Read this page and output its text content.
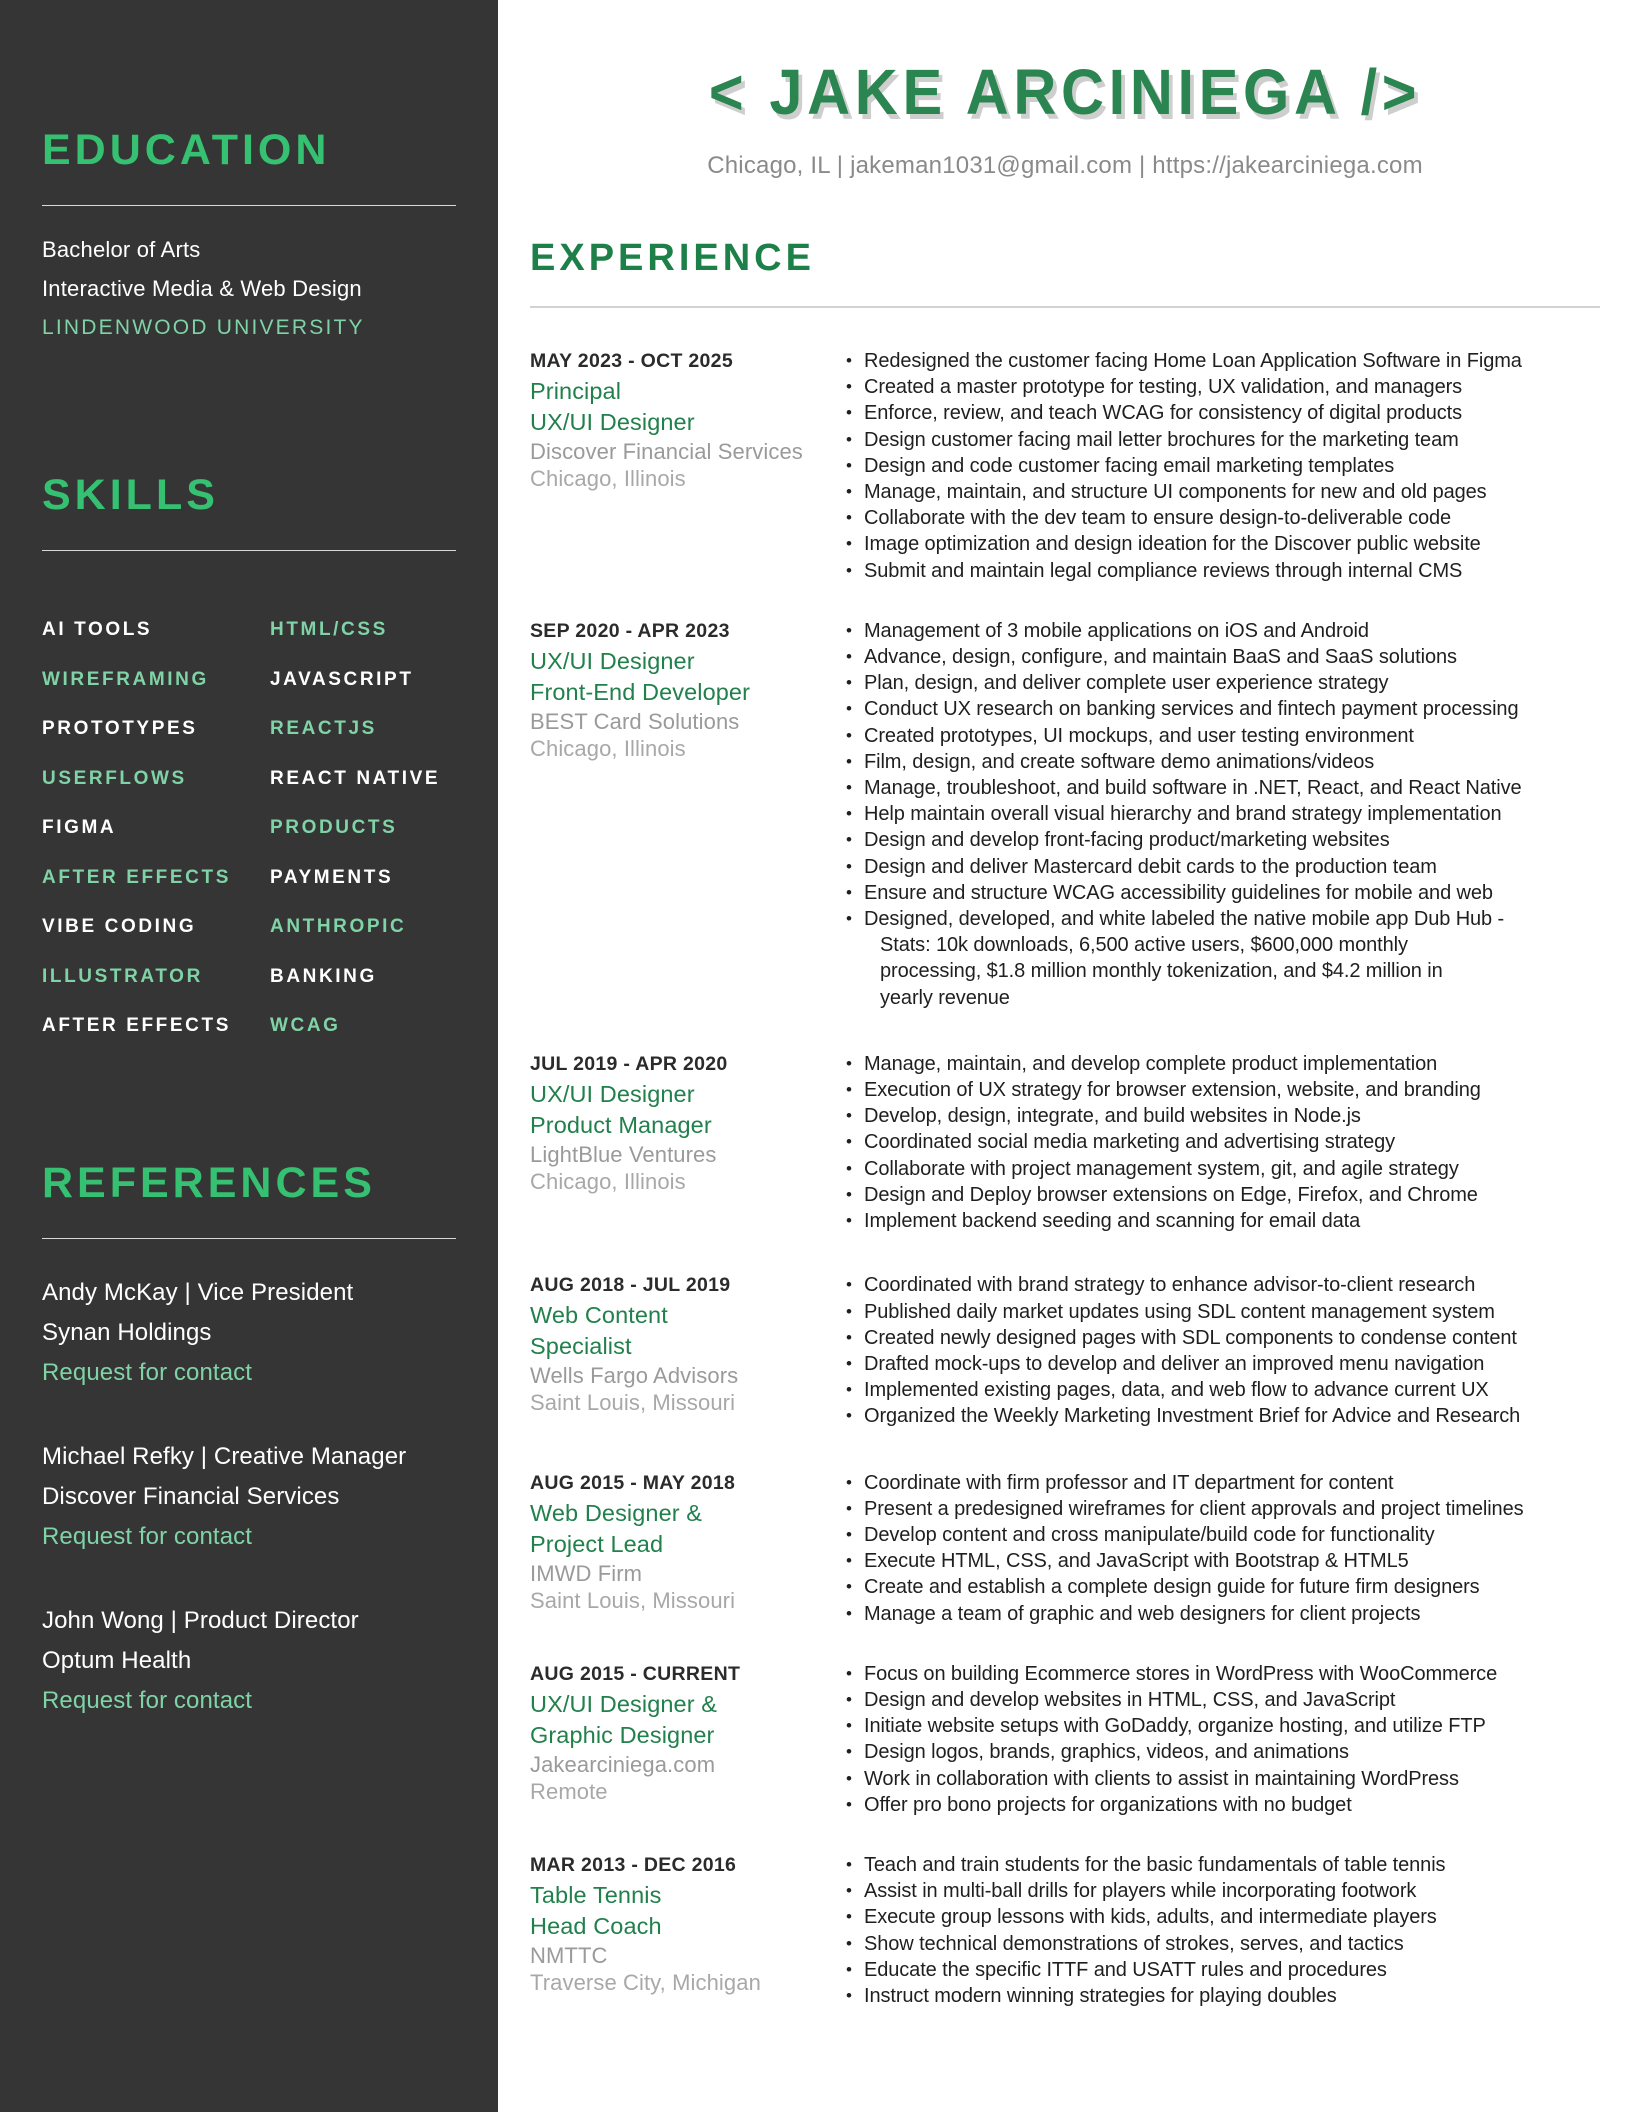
EDUCATION
Bachelor of Arts
Interactive Media & Web Design
LINDENWOOD UNIVERSITY
SKILLS
AI TOOLS	HTML/CSS
WIREFRAMING	JAVASCRIPT
PROTOTYPES	REACTJS
USERFLOWS	REACT NATIVE
FIGMA	PRODUCTS
AFTER EFFECTS	PAYMENTS
VIBE CODING	ANTHROPIC
ILLUSTRATOR	BANKING
AFTER EFFECTS	WCAG
REFERENCES
Andy McKay | Vice President
Synan Holdings
Request for contact
Michael Refky | Creative Manager
Discover Financial Services
Request for contact
John Wong | Product Director
Optum Health
Request for contact
< JAKE ARCINIEGA />
Chicago, IL | jakeman1031@gmail.com | https://jakearciniega.com
EXPERIENCE
MAY 2023 - OCT 2025
Principal
UX/UI Designer
Discover Financial Services
Chicago, Illinois
• Redesigned the customer facing Home Loan Application Software in Figma
• Created a master prototype for testing, UX validation, and managers
• Enforce, review, and teach WCAG for consistency of digital products
• Design customer facing mail letter brochures for the marketing team
• Design and code customer facing email marketing templates
• Manage, maintain, and structure UI components for new and old pages
• Collaborate with the dev team to ensure design-to-deliverable code
• Image optimization and design ideation for the Discover public website
• Submit and maintain legal compliance reviews through internal CMS
SEP 2020 - APR 2023
UX/UI Designer
Front-End Developer
BEST Card Solutions
Chicago, Illinois
• Management of 3 mobile applications on iOS and Android
• Advance, design, configure, and maintain BaaS and SaaS solutions
• Plan, design, and deliver complete user experience strategy
• Conduct UX research on banking services and fintech payment processing
• Created prototypes, UI mockups, and user testing environment
• Film, design, and create software demo animations/videos
• Manage, troubleshoot, and build software in .NET, React, and React Native
• Help maintain overall visual hierarchy and brand strategy implementation
• Design and develop front-facing product/marketing websites
• Design and deliver Mastercard debit cards to the production team
• Ensure and structure WCAG accessibility guidelines for mobile and web
• Designed, developed, and white labeled the native mobile app Dub Hub -
Stats: 10k downloads, 6,500 active users, $600,000 monthly processing, $1.8 million monthly tokenization, and $4.2 million in yearly revenue
JUL 2019 - APR 2020
UX/UI Designer
Product Manager
LightBlue Ventures
Chicago, Illinois
• Manage, maintain, and develop complete product implementation
• Execution of UX strategy for browser extension, website, and branding
• Develop, design, integrate, and build websites in Node.js
• Coordinated social media marketing and advertising strategy
• Collaborate with project management system, git, and agile strategy
• Design and Deploy browser extensions on Edge, Firefox, and Chrome
• Implement backend seeding and scanning for email data
AUG 2018 - JUL 2019
Web Content
Specialist
Wells Fargo Advisors
Saint Louis, Missouri
• Coordinated with brand strategy to enhance advisor-to-client research
• Published daily market updates using SDL content management system
• Created newly designed pages with SDL components to condense content
• Drafted mock-ups to develop and deliver an improved menu navigation
• Implemented existing pages, data, and web flow to advance current UX
• Organized the Weekly Marketing Investment Brief for Advice and Research
AUG 2015 - MAY 2018
Web Designer &
Project Lead
IMWD Firm
Saint Louis, Missouri
• Coordinate with firm professor and IT department for content
• Present a predesigned wireframes for client approvals and project timelines
• Develop content and cross manipulate/build code for functionality
• Execute HTML, CSS, and JavaScript with Bootstrap & HTML5
• Create and establish a complete design guide for future firm designers
• Manage a team of graphic and web designers for client projects
AUG 2015 - CURRENT
UX/UI Designer &
Graphic Designer
Jakearciniega.com
Remote
• Focus on building Ecommerce stores in WordPress with WooCommerce
• Design and develop websites in HTML, CSS, and JavaScript
• Initiate website setups with GoDaddy, organize hosting, and utilize FTP
• Design logos, brands, graphics, videos, and animations
• Work in collaboration with clients to assist in maintaining WordPress
• Offer pro bono projects for organizations with no budget
MAR 2013 - DEC 2016
Table Tennis
Head Coach
NMTTC
Traverse City, Michigan
• Teach and train students for the basic fundamentals of table tennis
• Assist in multi-ball drills for players while incorporating footwork
• Execute group lessons with kids, adults, and intermediate players
• Show technical demonstrations of strokes, serves, and tactics
• Educate the specific ITTF and USATT rules and procedures
• Instruct modern winning strategies for playing doubles
